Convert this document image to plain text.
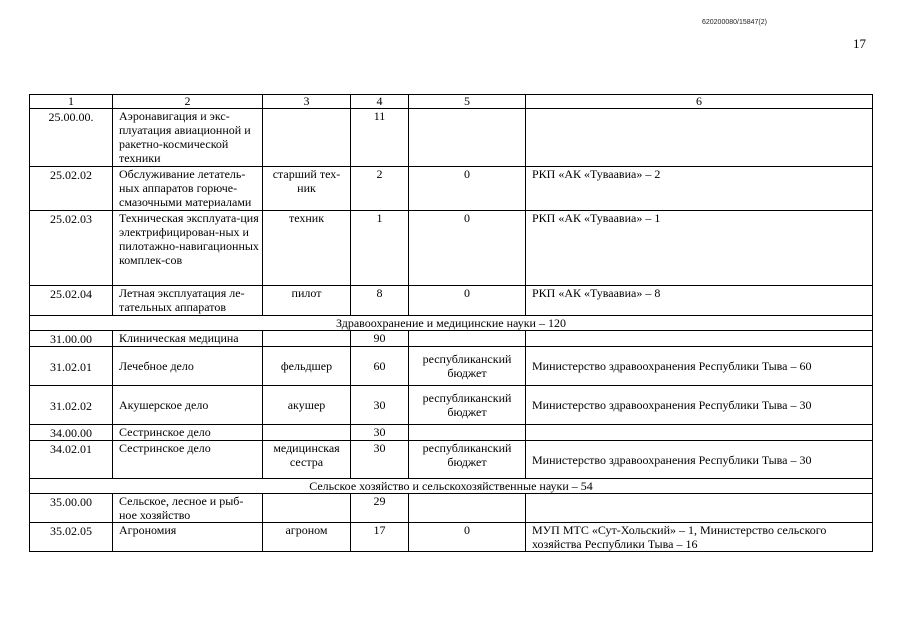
620200080/15847(2)
17
1	2	3	4	5	6
25.00.00.	Аэронавигация и экс-плуатация авиационной и ракетно-космической техники		11		
25.02.02	Обслуживание летатель-ных аппаратов горюче-смазочными материалами	старший тех-ник	2	0	РКП «АК «Туваавиа» – 2
25.02.03	Техническая эксплуата-ция электрифицирован-ных и пилотажно-навигационных комплек-сов	техник	1	0	РКП «АК «Туваавиа» – 1
25.02.04	Летная эксплуатация ле-тательных аппаратов	пилот	8	0	РКП «АК «Туваавиа» – 8
Здравоохранение и медицинские науки – 120					
31.00.00	Клиническая медицина		90		
31.02.01	Лечебное дело	фельдшер	60	республиканский бюджет	Министерство здравоохранения Республики Тыва – 60
31.02.02	Акушерское дело	акушер	30	республиканский бюджет	Министерство здравоохранения Республики Тыва – 30
34.00.00	Сестринское дело		30		
34.02.01	Сестринское дело	медицинская сестра	30	республиканский бюджет	Министерство здравоохранения Республики Тыва – 30
Сельское хозяйство и сельскохозяйственные науки – 54					
35.00.00	Сельское, лесное и рыб-ное хозяйство		29		
35.02.05	Агрономия	агроном	17	0	МУП МТС «Сут-Хольский» – 1, Министерство сельского хозяйства Республики Тыва – 16
